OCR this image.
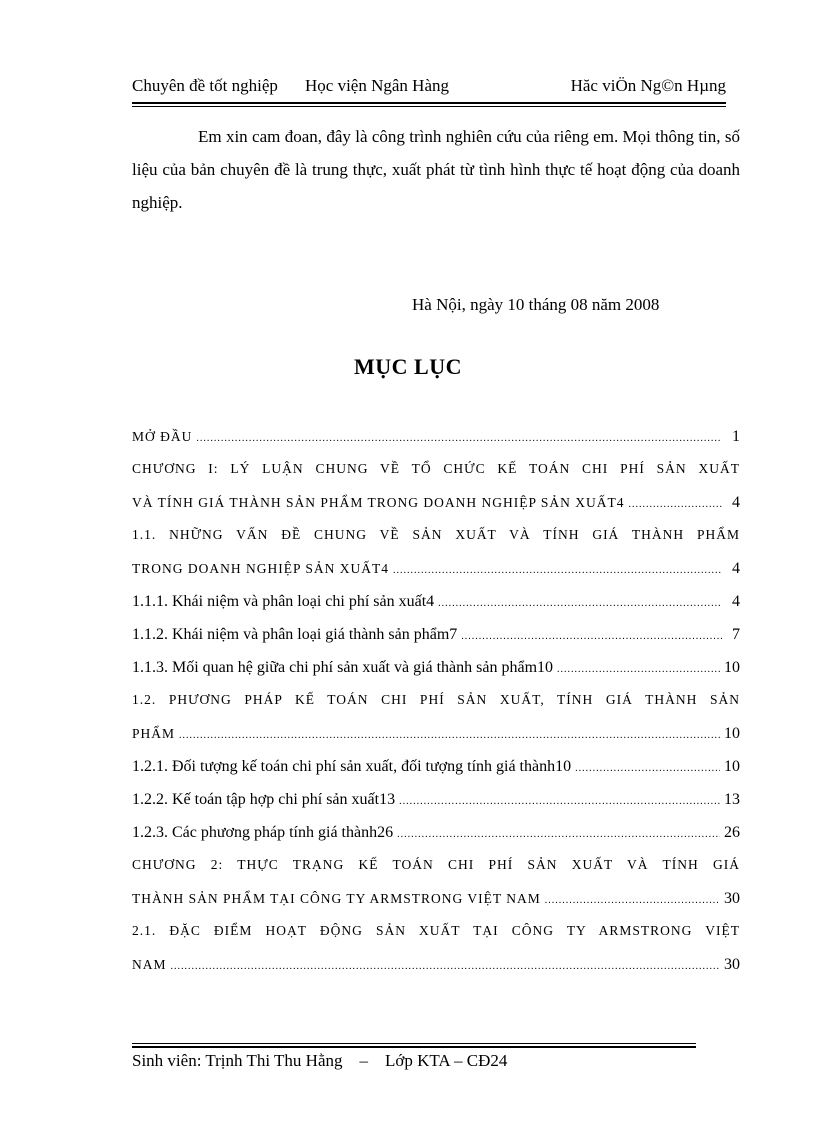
Chuyên đề tốt nghiệp Học viện Ngân Hàng	Hăc viÖn Ng©n Hµng

Em xin cam đoan, đây là công trình nghiên cứu của riêng em. Mọi thông tin, số liệu của bản chuyên đề là trung thực, xuất phát từ tình hình thực tế hoạt động của doanh nghiệp.

Hà Nội, ngày 10 tháng 08 năm 2008
MỤC LỤC
MỞ ĐẦU .....	1
CHƯƠNG I: LÝ LUẬN CHUNG VỀ TỔ CHỨC KẾ TOÁN CHI PHÍ SẢN XUẤT
VÀ TÍNH GIÁ THÀNH SẢN PHẨM TRONG DOANH NGHIỆP SẢN XUẤT4 .....	4
1.1. NHỮNG VẤN ĐỀ CHUNG VỀ SẢN XUẤT VÀ TÍNH GIÁ THÀNH PHẨM
TRONG DOANH NGHIỆP SẢN XUẤT4 .....	4
1.1.1. Khái niệm và phân loại chi phí sản xuất4 .....	4
1.1.2. Khái niệm và phân loại giá thành sản phẩm7 .....	7
1.1.3. Mối quan hệ giữa chi phí sản xuất và giá thành sản phẩm10 .....	10
1.2. PHƯƠNG PHÁP KẾ TOÁN CHI PHÍ SẢN XUẤT, TÍNH GIÁ THÀNH SẢN
PHẨM .....	10
1.2.1. Đối tượng kế toán chi phí sản xuất, đối tượng tính giá thành10 .....	10
1.2.2. Kế toán tập hợp chi phí sản xuất13 .....	13
1.2.3. Các phương pháp tính giá thành26 .....	26
CHƯƠNG 2: THỰC TRẠNG KẾ TOÁN CHI PHÍ SẢN XUẤT VÀ TÍNH GIÁ
THÀNH SẢN PHẨM TẠI CÔNG TY ARMSTRONG VIỆT NAM .....	30
2.1. ĐẶC ĐIỂM HOẠT ĐỘNG SẢN XUẤT TẠI CÔNG TY ARMSTRONG VIỆT
NAM .....	30
Sinh viên: Trịnh Thi Thu Hằng – Lớp KTA – CĐ24
